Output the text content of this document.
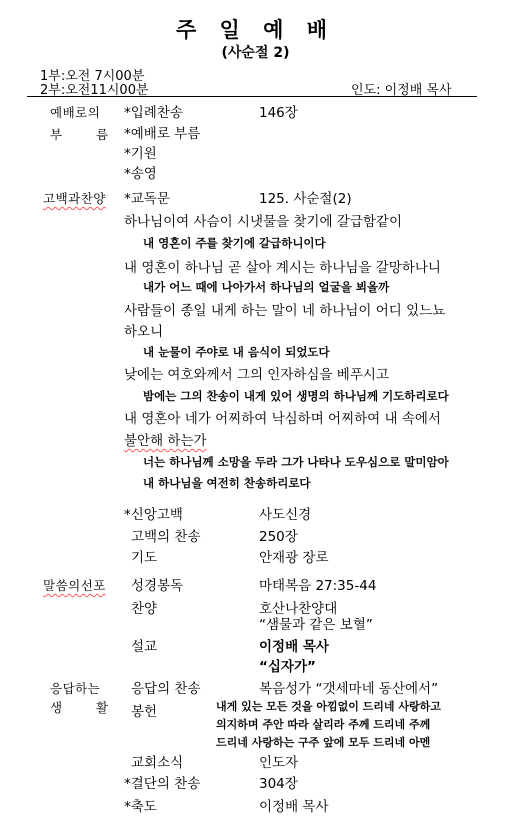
주 일 예 배
(사순절 2)
1부:오전 7시00분
2부:오전11시00분	인도: 이정배 목사
예배로의
부	름
*입례찬송	146장
*예배로 부름
*기원
*송영
고백과찬양 *교독문	125. 사순절(2)
하나님이여 사슴이 시냇물을 찾기에 갈급함같이
내 영혼이 주를 찾기에 갈급하니이다
내 영혼이 하나님 곧 살아 계시는 하나님을 갈망하나니
내가 어느 때에 나아가서 하나님의 얼굴을 뵈올까
사람들이 종일 내게 하는 말이 네 하나님이 어디 있느뇨
하오니
내 눈물이 주야로 내 음식이 되었도다
낮에는 여호와께서 그의 인자하심을 베푸시고
밤에는 그의 찬송이 내게 있어 생명의 하나님께 기도하리로다
내 영혼아 네가 어찌하여 낙심하며 어찌하여 내 속에서
불안해 하는가
너는 하나님께 소망을 두라 그가 나타나 도우심으로 말미암아
내 하나님을 여전히 찬송하리로다
*신앙고백	사도신경
고백의 찬송	250장
기도	안재광 장로
말씀의선포 성경봉독	마태복음 27:35-44
찬양	호산나찬양대
“샘물과 같은 보혈”
설교	이정배 목사
“십자가”
응답하는
생	활
응답의 찬송	복음성가 “갯세마네 동산에서”
봉헌	내게 있는 모든 것을 아낌없이 드리네 사랑하고
의지하며 주안 따라 살리라 주께 드리네 주께
드리네 사랑하는 구주 앞에 모두 드리네 아멘
교회소식	인도자
*결단의 찬송	304장
*축도	이정배 목사
